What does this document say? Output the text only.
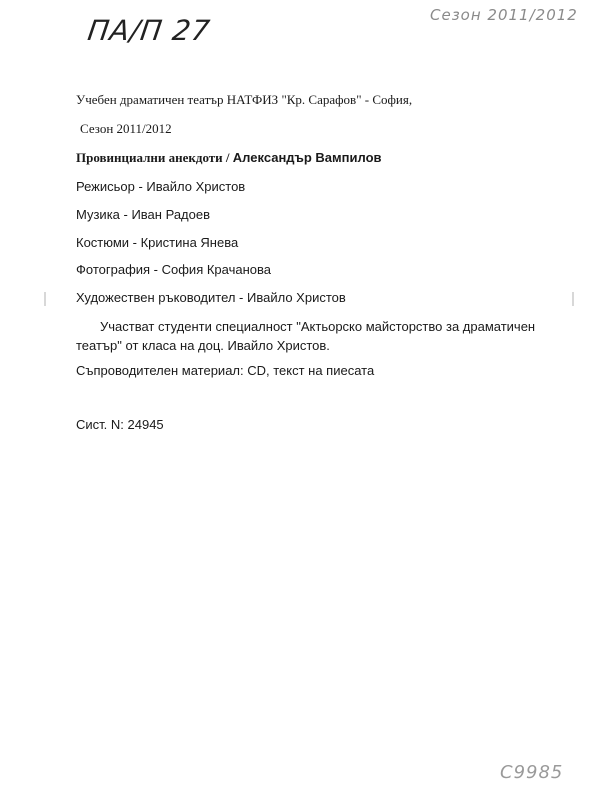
ПА/П 27	Сезон 2011/2012
Учебен драматичен театър НАТФИЗ "Кр. Сарафов" - София,
Сезон 2011/2012
Провинциални анекдоти / Александър Вампилов
Режисьор - Ивайло Христов
Музика - Иван Радоев
Костюми - Кристина Янева
Фотография - София Крачанова
Художествен ръководител - Ивайло Христов
Участват студенти специалност "Актьорско майсторство за драматичен театър" от класа на доц. Ивайло Христов.
Съпроводителен материал: CD, текст на пиесата
Сист. N: 24945
С9985
